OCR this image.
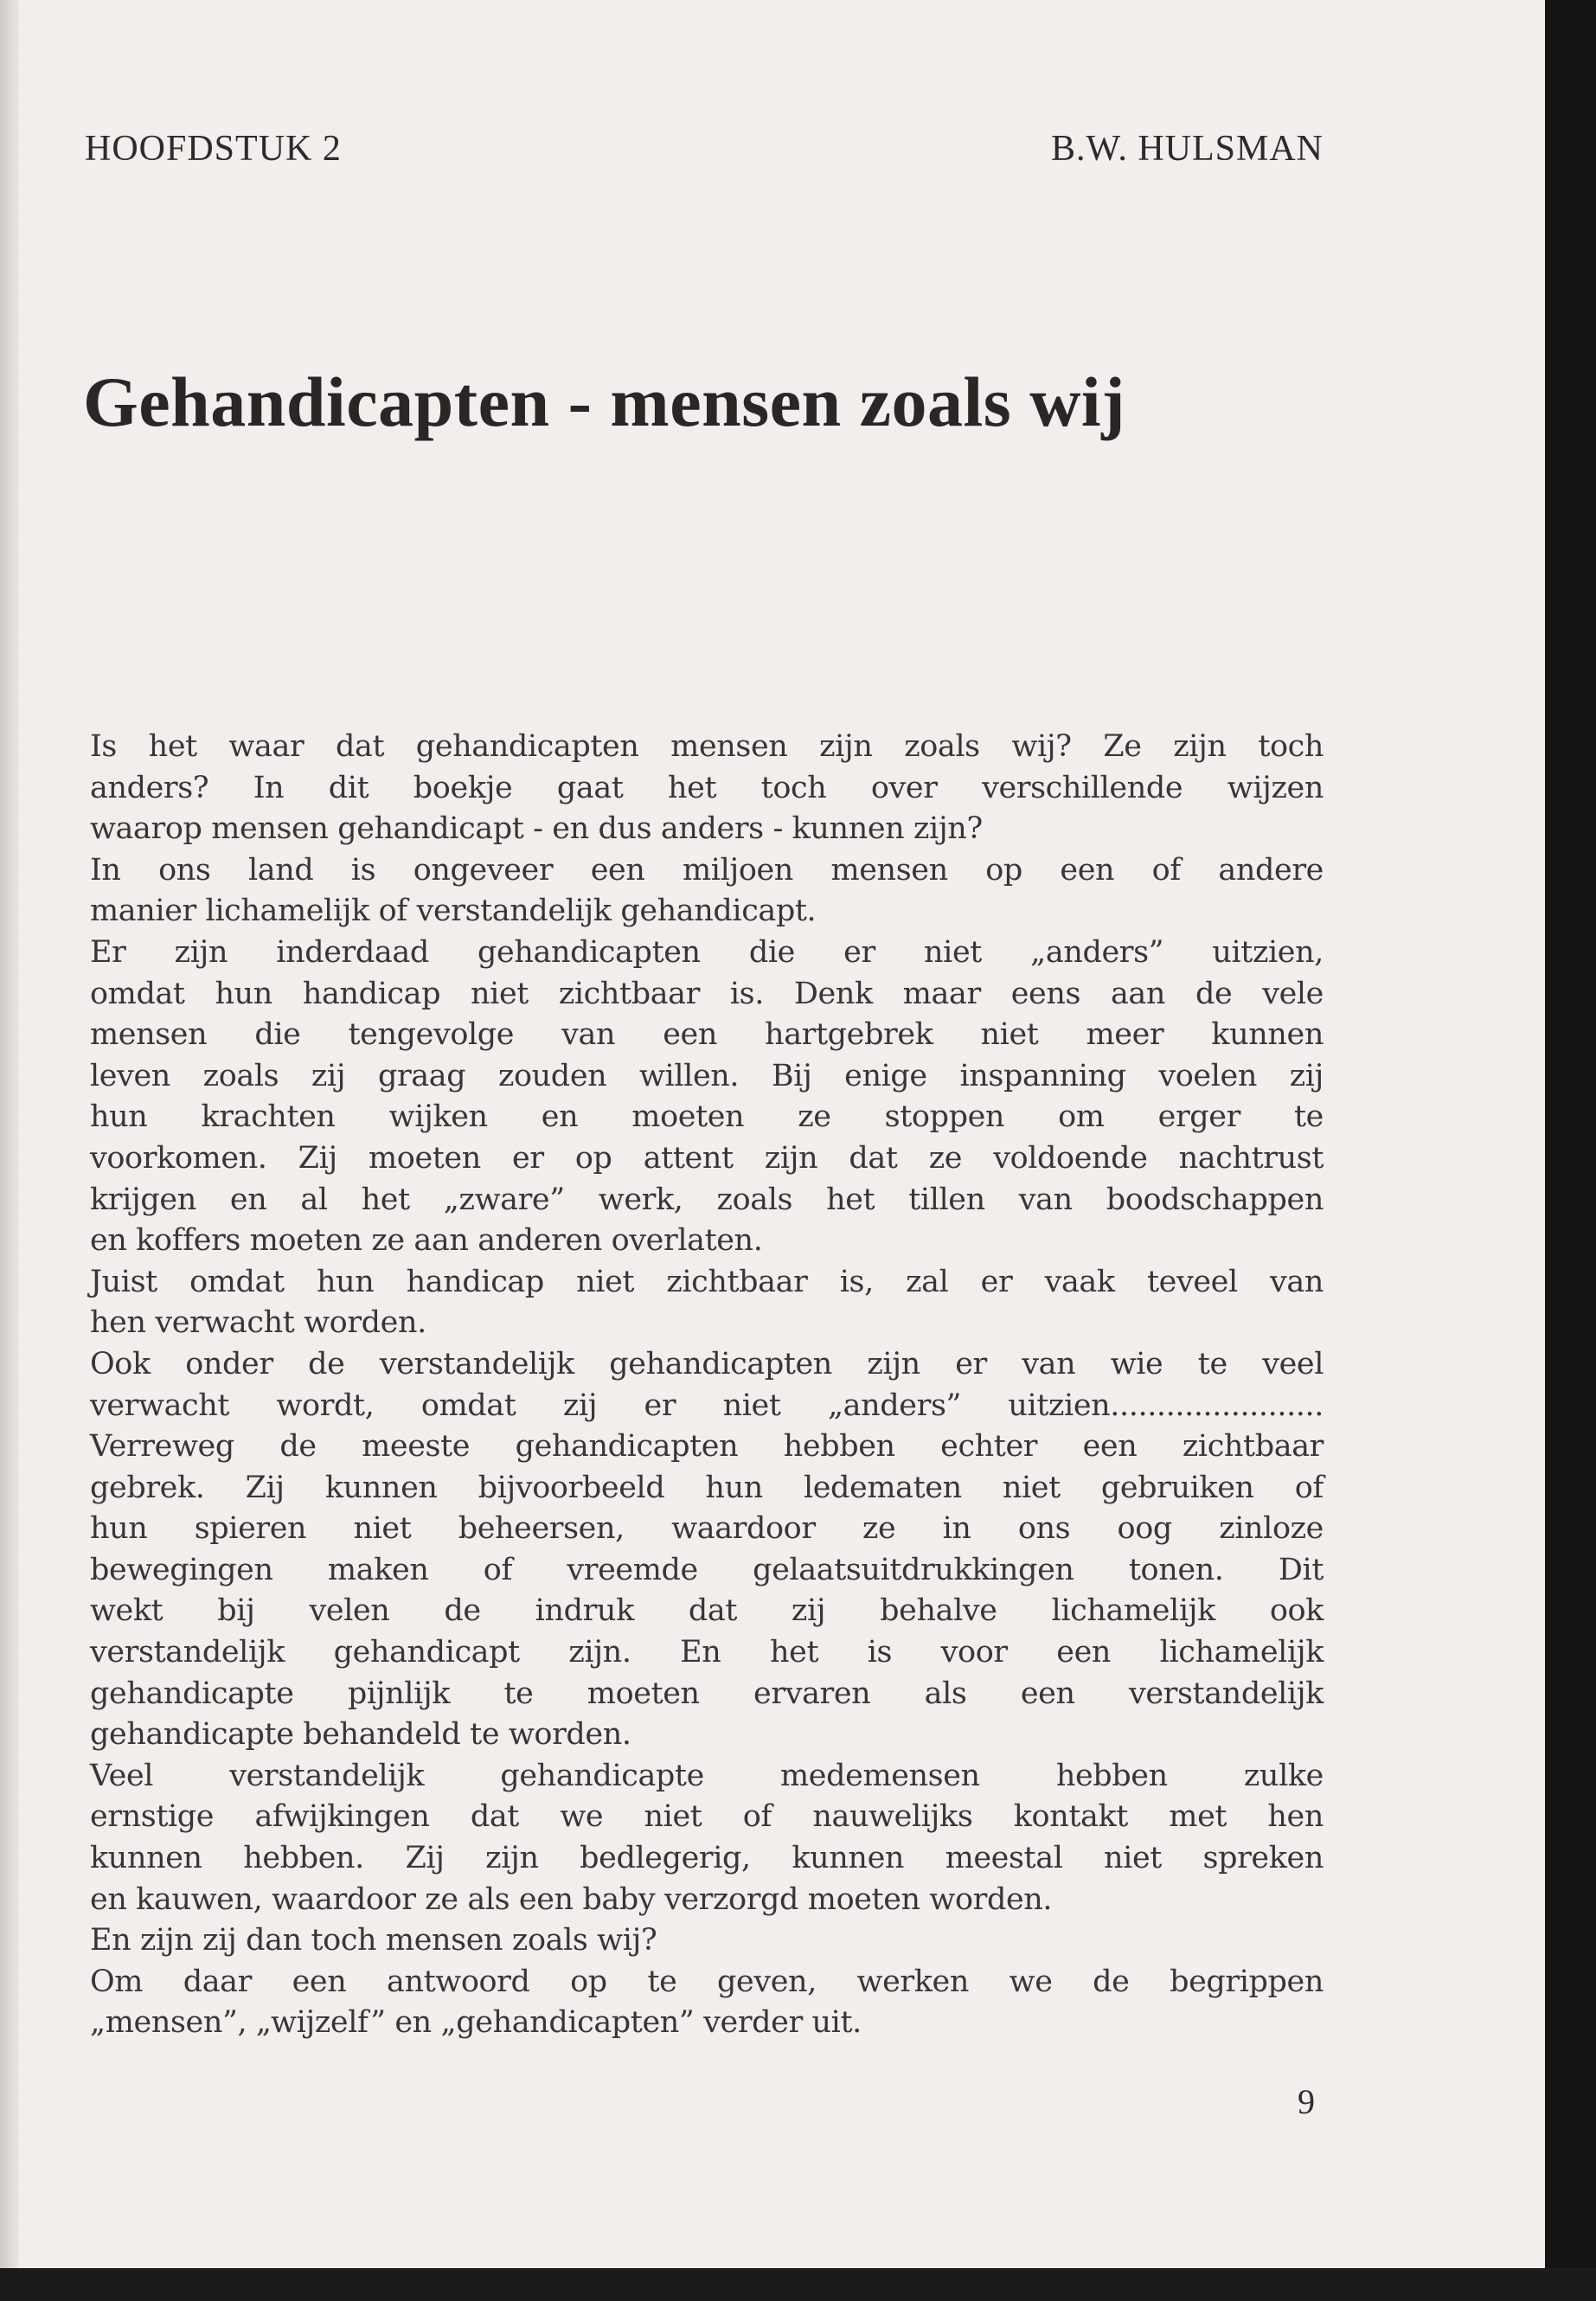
HOOFDSTUK 2	B.W. HULSMAN
Gehandicapten - mensen zoals wij
Is het waar dat gehandicapten mensen zijn zoals wij? Ze zijn toch
anders? In dit boekje gaat het toch over verschillende wijzen
waarop mensen gehandicapt - en dus anders - kunnen zijn?
In ons land is ongeveer een miljoen mensen op een of andere
manier lichamelijk of verstandelijk gehandicapt.
Er zijn inderdaad gehandicapten die er niet „anders” uitzien,
omdat hun handicap niet zichtbaar is. Denk maar eens aan de vele
mensen die tengevolge van een hartgebrek niet meer kunnen
leven zoals zij graag zouden willen. Bij enige inspanning voelen zij
hun krachten wijken en moeten ze stoppen om erger te
voorkomen. Zij moeten er op attent zijn dat ze voldoende nachtrust
krijgen en al het „zware” werk, zoals het tillen van boodschappen
en koffers moeten ze aan anderen overlaten.
Juist omdat hun handicap niet zichtbaar is, zal er vaak teveel van
hen verwacht worden.
Ook onder de verstandelijk gehandicapten zijn er van wie te veel
verwacht wordt, omdat zij er niet „anders” uitzien.......................
Verreweg de meeste gehandicapten hebben echter een zichtbaar
gebrek. Zij kunnen bijvoorbeeld hun ledematen niet gebruiken of
hun spieren niet beheersen, waardoor ze in ons oog zinloze
bewegingen maken of vreemde gelaatsuitdrukkingen tonen. Dit
wekt bij velen de indruk dat zij behalve lichamelijk ook
verstandelijk gehandicapt zijn. En het is voor een lichamelijk
gehandicapte pijnlijk te moeten ervaren als een verstandelijk
gehandicapte behandeld te worden.
Veel verstandelijk gehandicapte medemensen hebben zulke
ernstige afwijkingen dat we niet of nauwelijks kontakt met hen
kunnen hebben. Zij zijn bedlegerig, kunnen meestal niet spreken
en kauwen, waardoor ze als een baby verzorgd moeten worden.
En zijn zij dan toch mensen zoals wij?
Om daar een antwoord op te geven, werken we de begrippen
„mensen”, „wijzelf” en „gehandicapten” verder uit.
9
